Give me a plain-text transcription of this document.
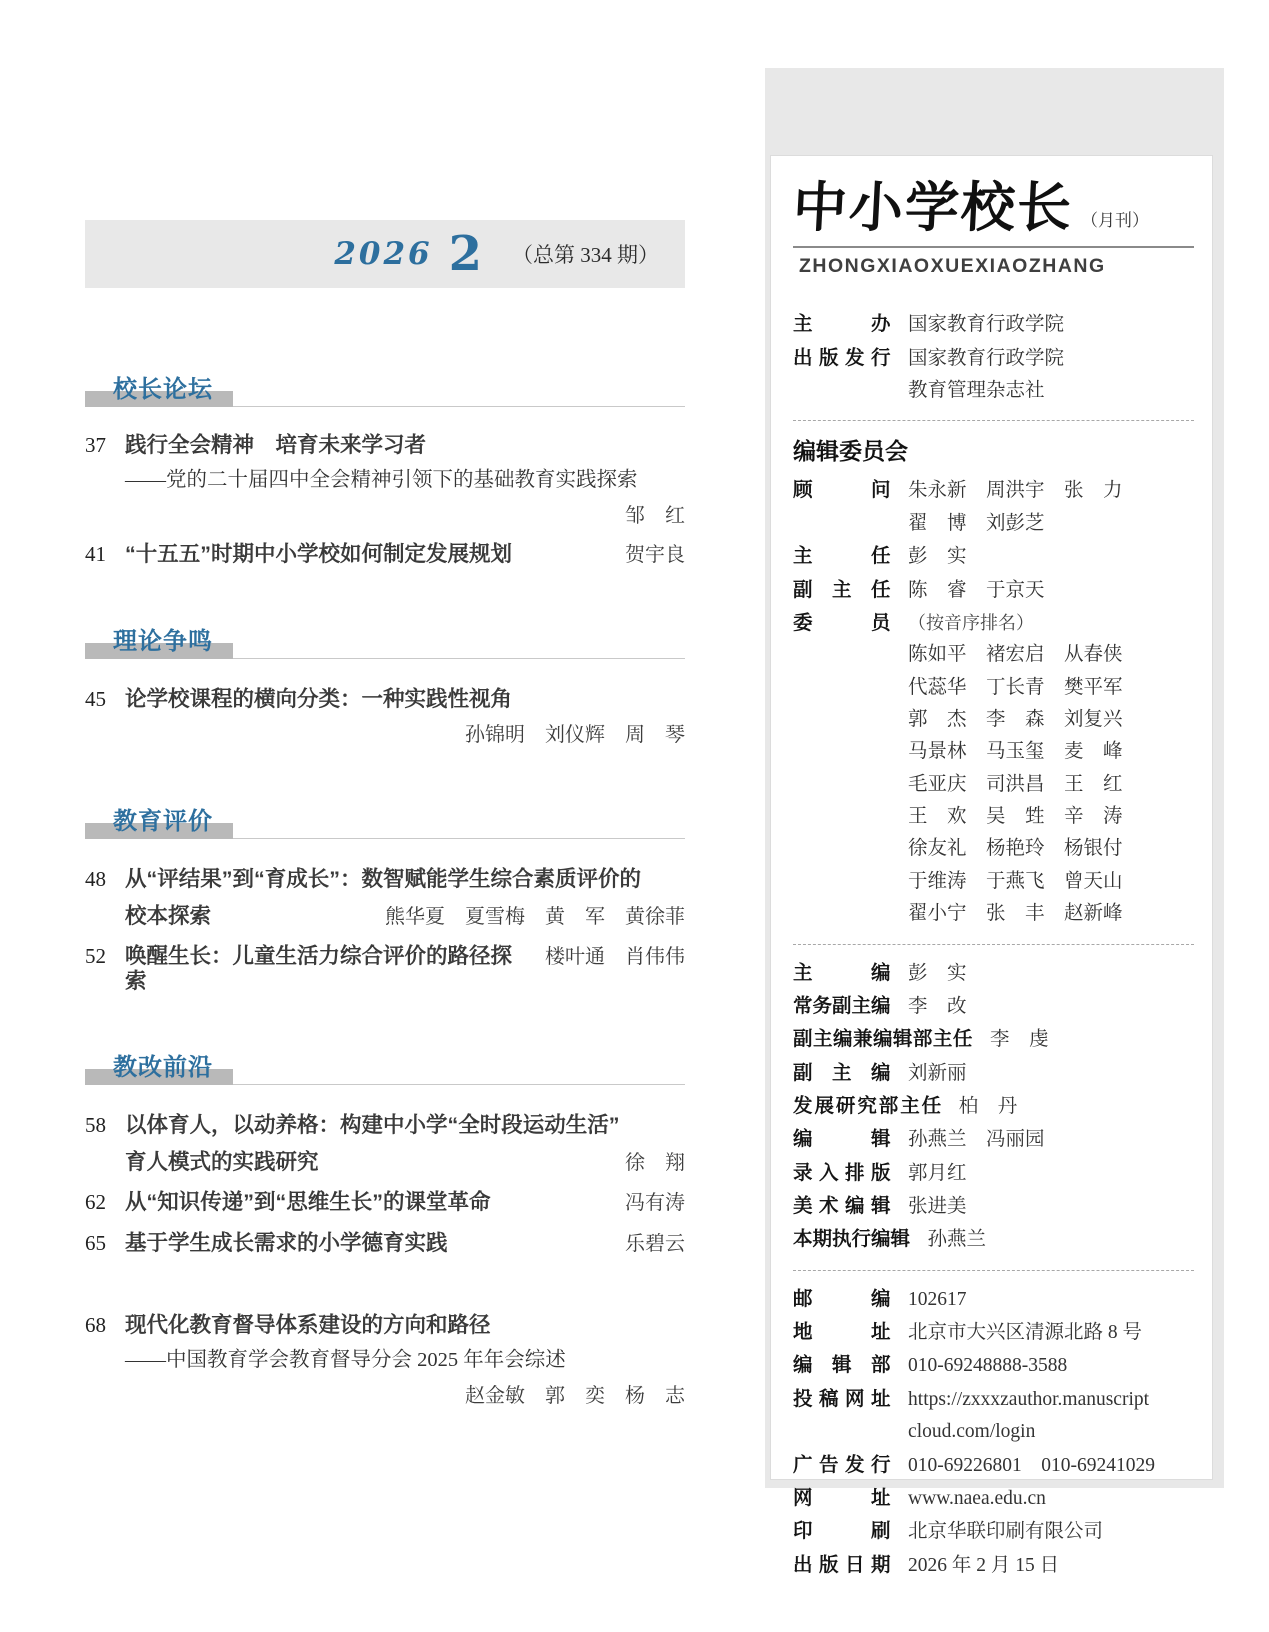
2026 2 （总第 334 期）
校长论坛
37 践行全会精神　培育未来学习者
——党的二十届四中全会精神引领下的基础教育实践探索
邹　红
41 “十五五”时期中小学校如何制定发展规划	贺宇良
理论争鸣
45 论学校课程的横向分类：一种实践性视角
孙锦明　刘仪辉　周　琴
教育评价
48 从“评结果”到“育成长”：数智赋能学生综合素质评价的
校本探索	熊华夏　夏雪梅　黄　军　黄徐菲
52 唤醒生长：儿童生活力综合评价的路径探索
楼叶通　肖伟伟
教改前沿
58 以体育人，以动养格：构建中小学“全时段运动生活”
育人模式的实践研究	徐　翔
62 从“知识传递”到“思维生长”的课堂革命	冯有涛
65 基于学生成长需求的小学德育实践	乐碧云
68 现代化教育督导体系建设的方向和路径
——中国教育学会教育督导分会 2025 年年会综述
赵金敏　郭　奕　杨　志
中小学校长 （月刊）
ZHONGXIAOXUEXIAOZHANG
主办 国家教育行政学院
出版发行 国家教育行政学院
教育管理杂志社
编辑委员会
顾问 朱永新　周洪宇　张　力
翟　博　刘彭芝
主任 彭　实
副主任 陈　睿　于京天
委员 （按音序排名）
陈如平　褚宏启　从春侠
代蕊华　丁长青　樊平军
郭　杰　李　森　刘复兴
马景林　马玉玺　麦　峰
毛亚庆　司洪昌　王　红
王　欢　吴　甡　辛　涛
徐友礼　杨艳玲　杨银付
于维涛　于燕飞　曾天山
翟小宁　张　丰　赵新峰
主编 彭　实
常务副主编 李　改
副主编兼编辑部主任 李　虔
副主编 刘新丽
发展研究部主任 柏　丹
编辑 孙燕兰　冯丽园
录入排版 郭月红
美术编辑 张进美
本期执行编辑 孙燕兰
邮编 102617
地址 北京市大兴区清源北路 8 号
编辑部 010-69248888-3588
投稿网址 https://zxxxzauthor.manuscript
cloud.com/login
广告发行 010-69226801　010-69241029
网址 www.naea.edu.cn
印刷 北京华联印刷有限公司
出版日期 2026 年 2 月 15 日
